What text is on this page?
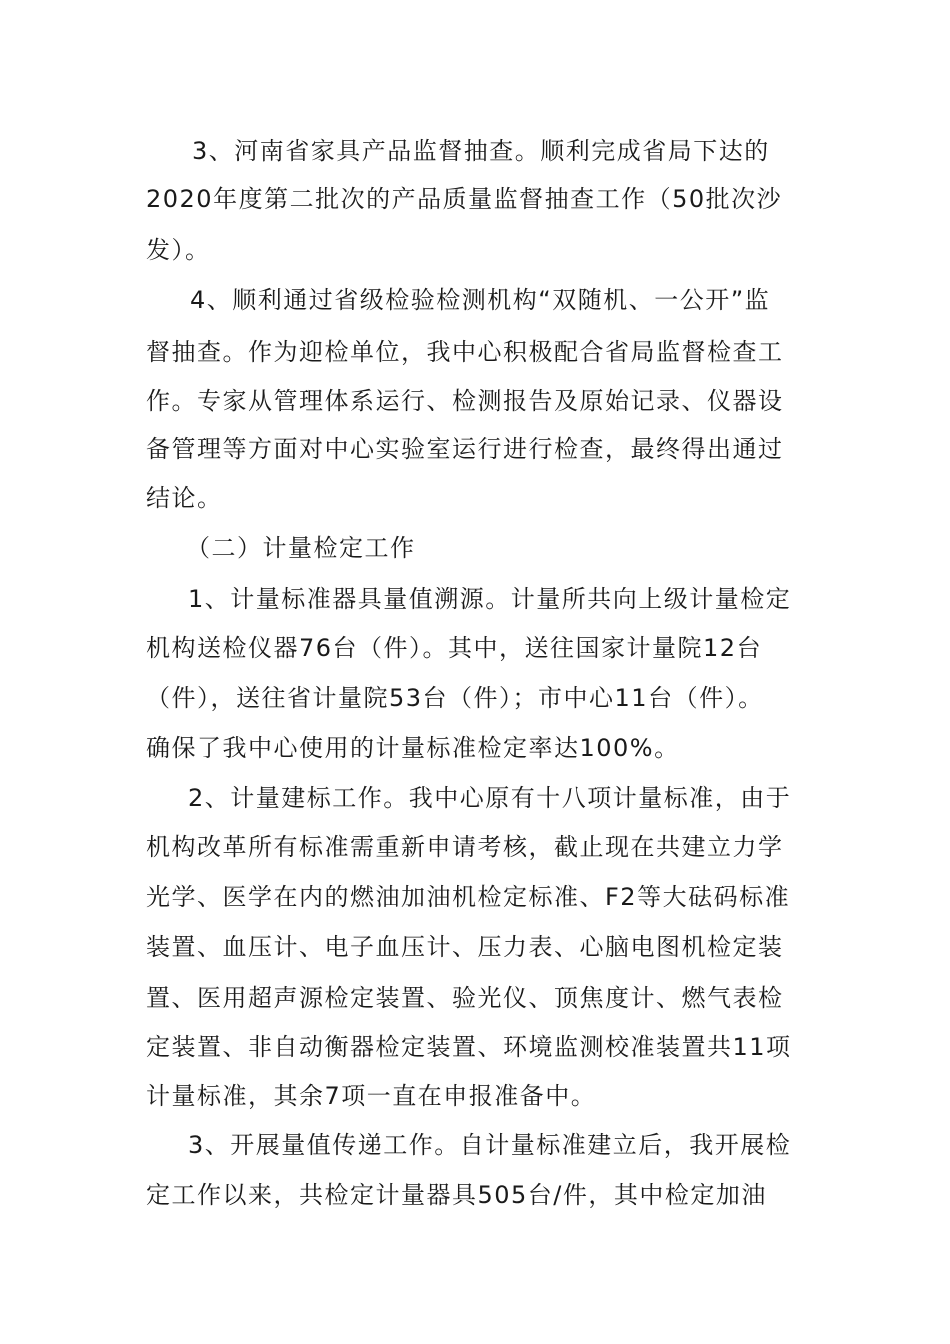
3、河南省家具产品监督抽查。顺利完成省局下达的
2020年度第二批次的产品质量监督抽查工作（50批次沙
发）。
4、顺利通过省级检验检测机构“双随机、一公开”监
督抽查。作为迎检单位，我中心积极配合省局监督检查工
作。专家从管理体系运行、检测报告及原始记录、仪器设
备管理等方面对中心实验室运行进行检查，最终得出通过
结论。
（二）计量检定工作
1、计量标准器具量值溯源。计量所共向上级计量检定
机构送检仪器76台（件）。其中，送往国家计量院12台
（件），送往省计量院53台（件）；市中心11台（件）。
确保了我中心使用的计量标准检定率达100%。
2、计量建标工作。我中心原有十八项计量标准，由于
机构改革所有标准需重新申请考核，截止现在共建立力学
光学、医学在内的燃油加油机检定标准、F2等大砝码标准
装置、血压计、电子血压计、压力表、心脑电图机检定装
置、医用超声源检定装置、验光仪、顶焦度计、燃气表检
定装置、非自动衡器检定装置、环境监测校准装置共11项
计量标准，其余7项一直在申报准备中。
3、开展量值传递工作。自计量标准建立后，我开展检
定工作以来，共检定计量器具505台/件，其中检定加油
